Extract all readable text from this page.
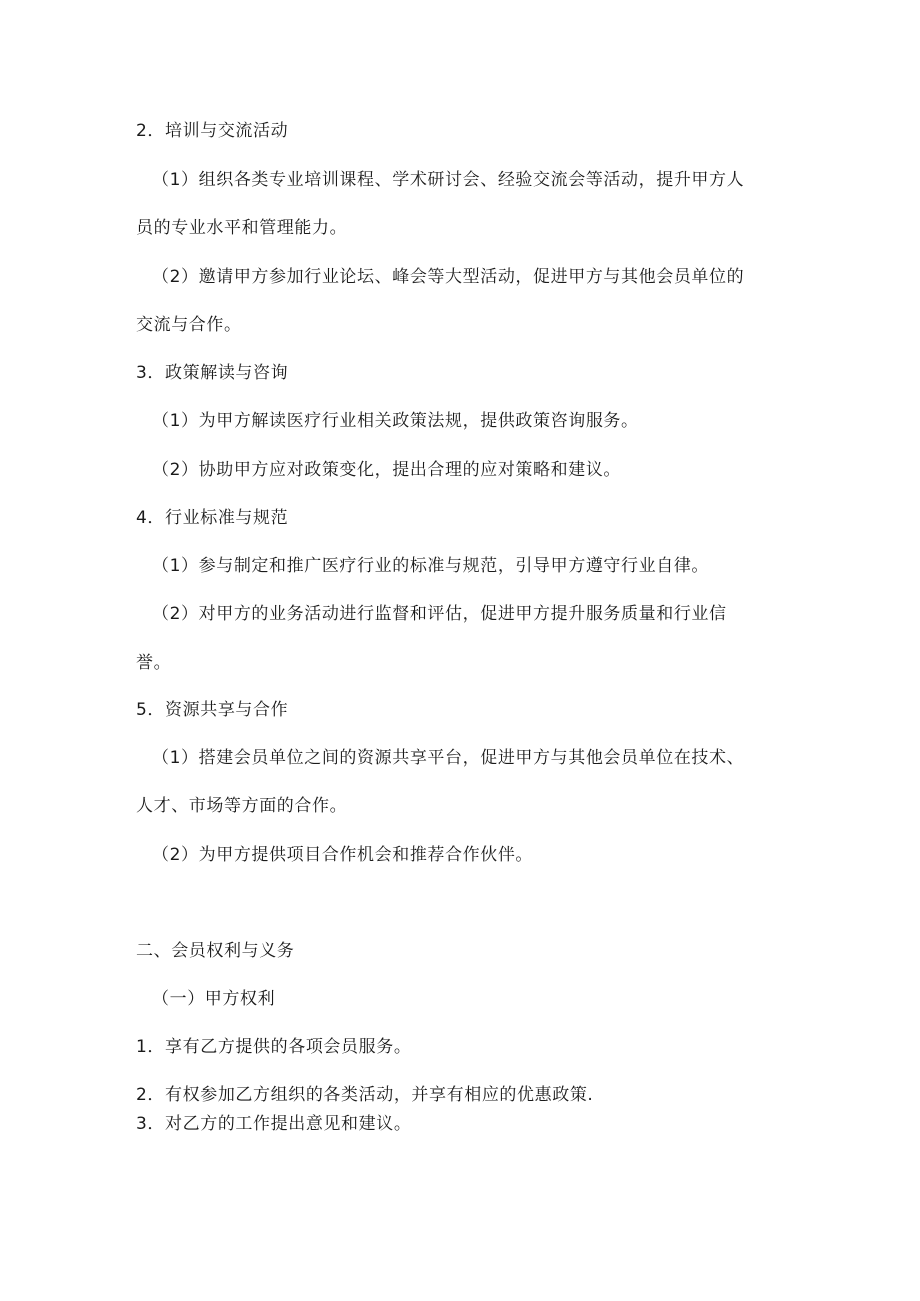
2．培训与交流活动
（1）组织各类专业培训课程、学术研讨会、经验交流会等活动，提升甲方人
员的专业水平和管理能力。
（2）邀请甲方参加行业论坛、峰会等大型活动，促进甲方与其他会员单位的
交流与合作。
3．政策解读与咨询
（1）为甲方解读医疗行业相关政策法规，提供政策咨询服务。
（2）协助甲方应对政策变化，提出合理的应对策略和建议。
4．行业标准与规范
（1）参与制定和推广医疗行业的标准与规范，引导甲方遵守行业自律。
（2）对甲方的业务活动进行监督和评估，促进甲方提升服务质量和行业信
誉。
5．资源共享与合作
（1）搭建会员单位之间的资源共享平台，促进甲方与其他会员单位在技术、
人才、市场等方面的合作。
（2）为甲方提供项目合作机会和推荐合作伙伴。
二、会员权利与义务
（一）甲方权利
1．享有乙方提供的各项会员服务。
2．有权参加乙方组织的各类活动，并享有相应的优惠政策.
3．对乙方的工作提出意见和建议。
